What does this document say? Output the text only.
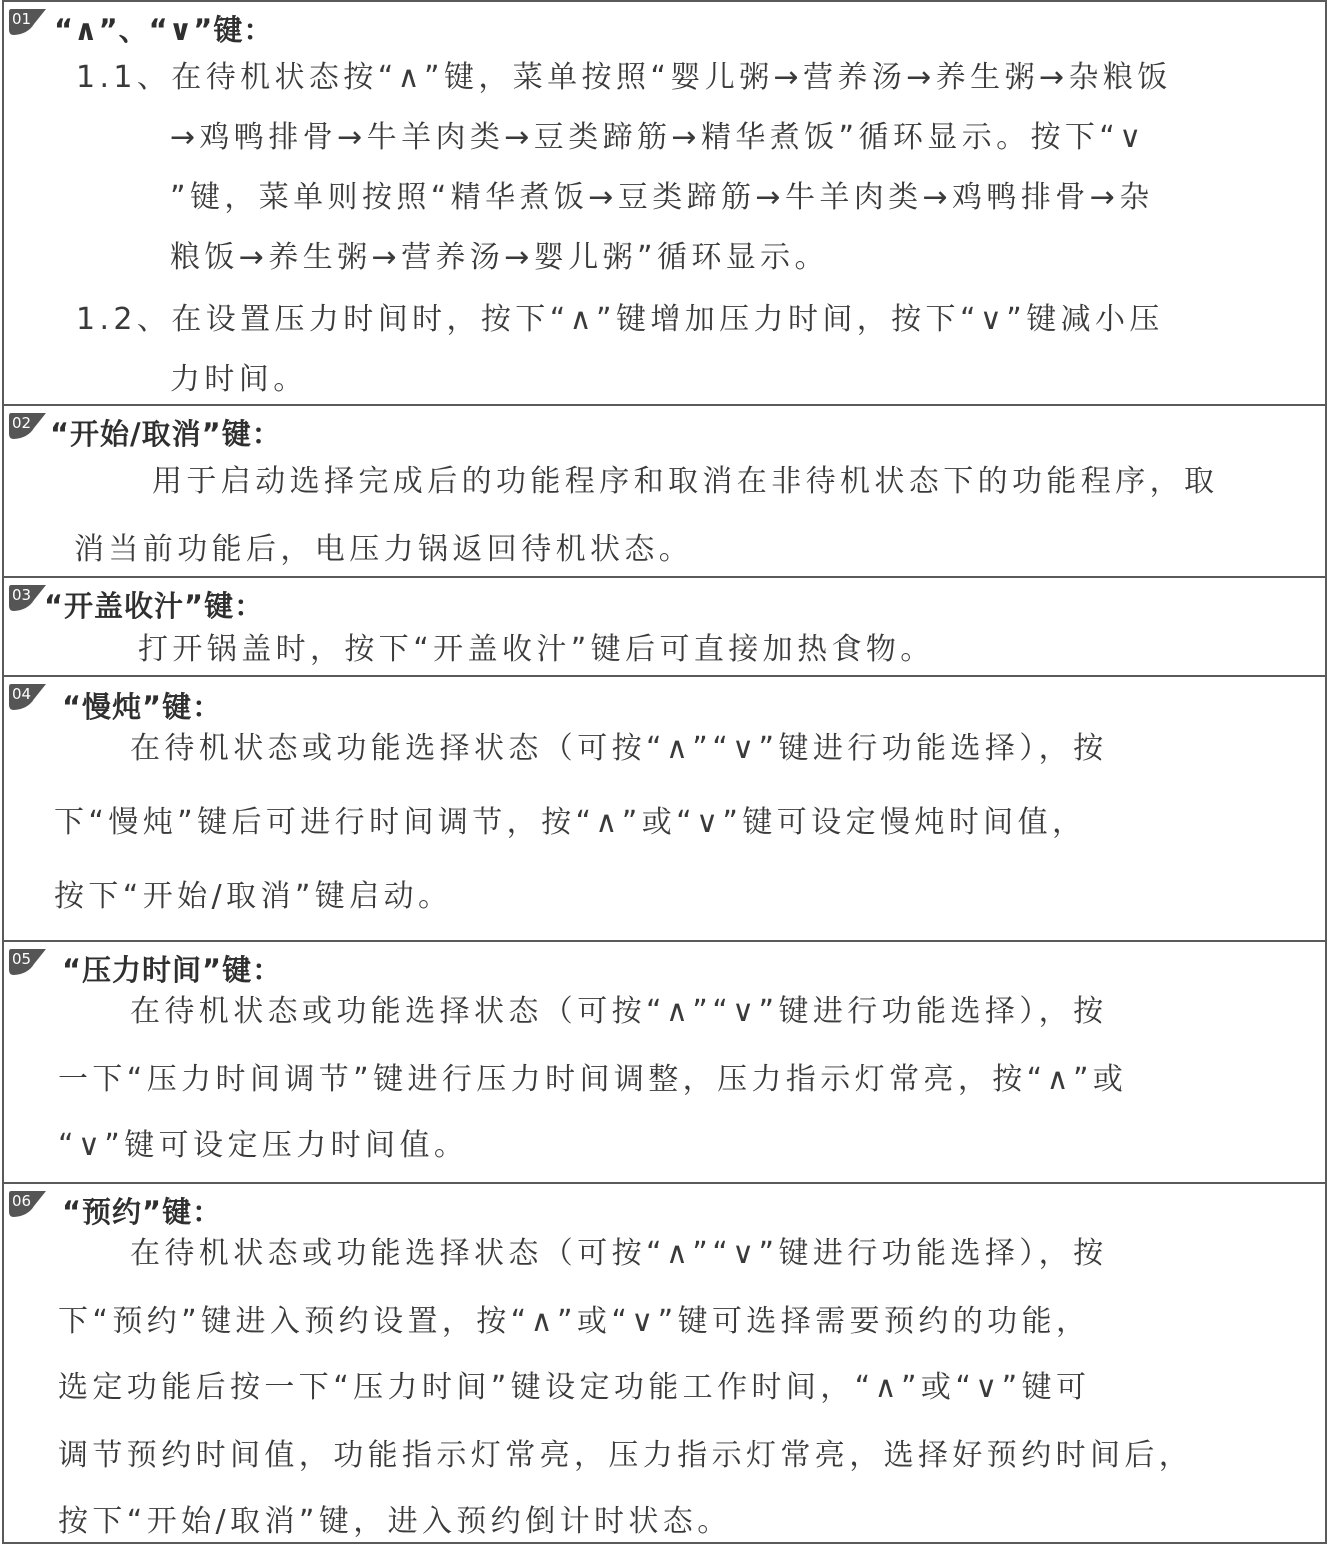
01 “∧”、“∨”键：
1.1、在待机状态按“∧”键，菜单按照“婴儿粥→营养汤→养生粥→杂粮饭
→鸡鸭排骨→牛羊肉类→豆类蹄筋→精华煮饭”循环显示。按下“∨
”键，菜单则按照“精华煮饭→豆类蹄筋→牛羊肉类→鸡鸭排骨→杂
粮饭→养生粥→营养汤→婴儿粥”循环显示。
1.2、在设置压力时间时，按下“∧”键增加压力时间，按下“∨”键减小压
力时间。
02 “开始/取消”键：
用于启动选择完成后的功能程序和取消在非待机状态下的功能程序，取
消当前功能后，电压力锅返回待机状态。
03 “开盖收汁”键：
打开锅盖时，按下“开盖收汁”键后可直接加热食物。
04 “慢炖”键：
在待机状态或功能选择状态（可按“∧”“∨”键进行功能选择），按
下“慢炖”键后可进行时间调节，按“∧”或“∨”键可设定慢炖时间值，
按下“开始/取消”键启动。
05 “压力时间”键：
在待机状态或功能选择状态（可按“∧”“∨”键进行功能选择），按
一下“压力时间调节”键进行压力时间调整，压力指示灯常亮，按“∧”或
“∨”键可设定压力时间值。
06 “预约”键：
在待机状态或功能选择状态（可按“∧”“∨”键进行功能选择），按
下“预约”键进入预约设置，按“∧”或“∨”键可选择需要预约的功能，
选定功能后按一下“压力时间”键设定功能工作时间，“∧”或“∨”键可
调节预约时间值，功能指示灯常亮，压力指示灯常亮，选择好预约时间后，
按下“开始/取消”键，进入预约倒计时状态。
